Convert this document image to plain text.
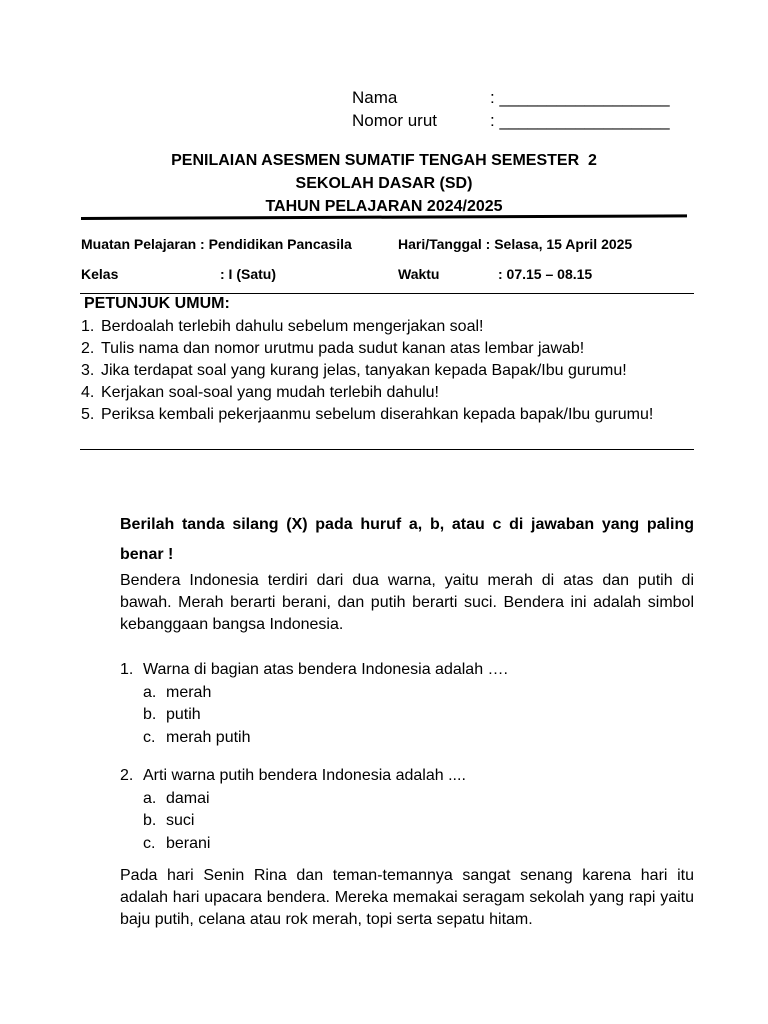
Nama	: __________________
Nomor urut	: __________________
PENILAIAN ASESMEN SUMATIF TENGAH SEMESTER  2
SEKOLAH DASAR (SD)
TAHUN PELAJARAN 2024/2025
Muatan Pelajaran : Pendidikan Pancasila	Hari/Tanggal : Selasa, 15 April 2025
Kelas	: I (Satu)	Waktu	: 07.15 – 08.15
PETUNJUK UMUM:
1. Berdoalah terlebih dahulu sebelum mengerjakan soal!
2. Tulis nama dan nomor urutmu pada sudut kanan atas lembar jawab!
3. Jika terdapat soal yang kurang jelas, tanyakan kepada Bapak/Ibu gurumu!
4. Kerjakan soal-soal yang mudah terlebih dahulu!
5. Periksa kembali pekerjaanmu sebelum diserahkan kepada bapak/Ibu gurumu!
Berilah tanda silang (X) pada huruf a, b, atau c di jawaban yang paling benar !
Bendera Indonesia terdiri dari dua warna, yaitu merah di atas dan putih di bawah. Merah berarti berani, dan putih berarti suci. Bendera ini adalah simbol kebanggaan bangsa Indonesia.
1. Warna di bagian atas bendera Indonesia adalah ….
a. merah
b. putih
c. merah putih
2. Arti warna putih bendera Indonesia adalah ....
a. damai
b. suci
c. berani
Pada hari Senin Rina dan teman-temannya sangat senang karena hari itu adalah hari upacara bendera. Mereka memakai seragam sekolah yang rapi yaitu baju putih, celana atau rok merah, topi serta sepatu hitam.
